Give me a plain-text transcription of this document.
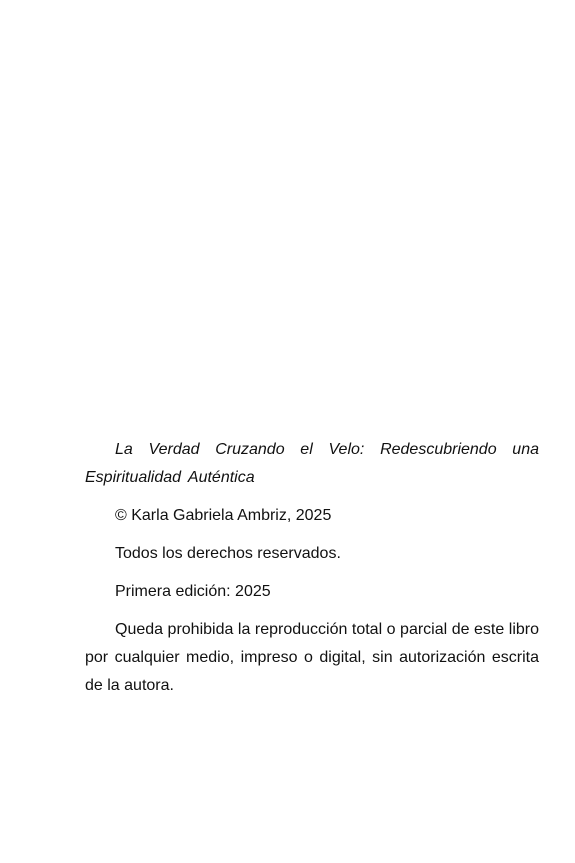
La Verdad Cruzando el Velo: Redescubriendo una
Espiritualidad Auténtica

© Karla Gabriela Ambriz, 2025

Todos los derechos reservados.

Primera edición: 2025

Queda prohibida la reproducción total o parcial de este libro por cualquier medio, impreso o digital, sin autorización escrita de la autora.
